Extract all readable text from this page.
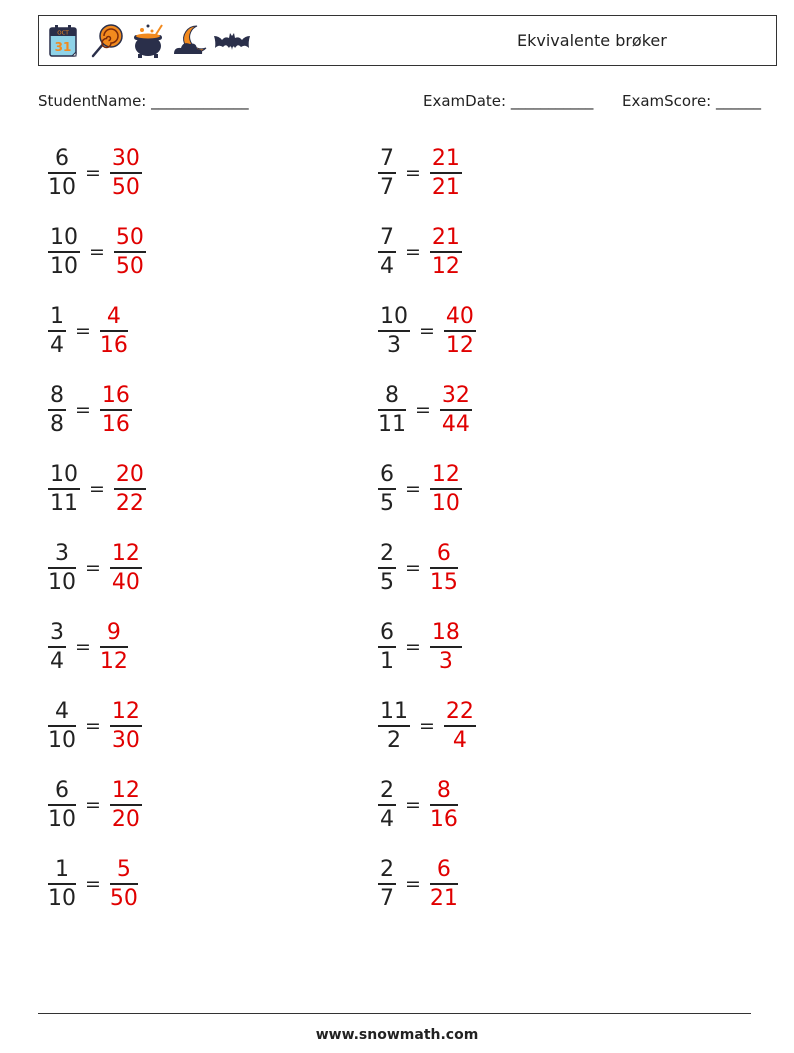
OCT
31	Ekvivalente brøker
StudentName: _____________	ExamDate: ___________ ExamScore: ______
$\frac{6}{10} = \frac{30}{50}$
$\frac{10}{10} = \frac{50}{50}$
$\frac{1}{4} = \frac{4}{16}$
$\frac{8}{8} = \frac{16}{16}$
$\frac{10}{11} = \frac{20}{22}$
$\frac{3}{10} = \frac{12}{40}$
$\frac{3}{4} = \frac{9}{12}$
$\frac{4}{10} = \frac{12}{30}$
$\frac{6}{10} = \frac{12}{20}$
$\frac{1}{10} = \frac{5}{50}$
$\frac{7}{7} = \frac{21}{21}$
$\frac{7}{4} = \frac{21}{12}$
$\frac{10}{3} = \frac{40}{12}$
$\frac{8}{11} = \frac{32}{44}$
$\frac{6}{5} = \frac{12}{10}$
$\frac{2}{5} = \frac{6}{15}$
$\frac{6}{1} = \frac{18}{3}$
$\frac{11}{2} = \frac{22}{4}$
$\frac{2}{4} = \frac{8}{16}$
$\frac{2}{7} = \frac{6}{21}$
www.snowmath.com
